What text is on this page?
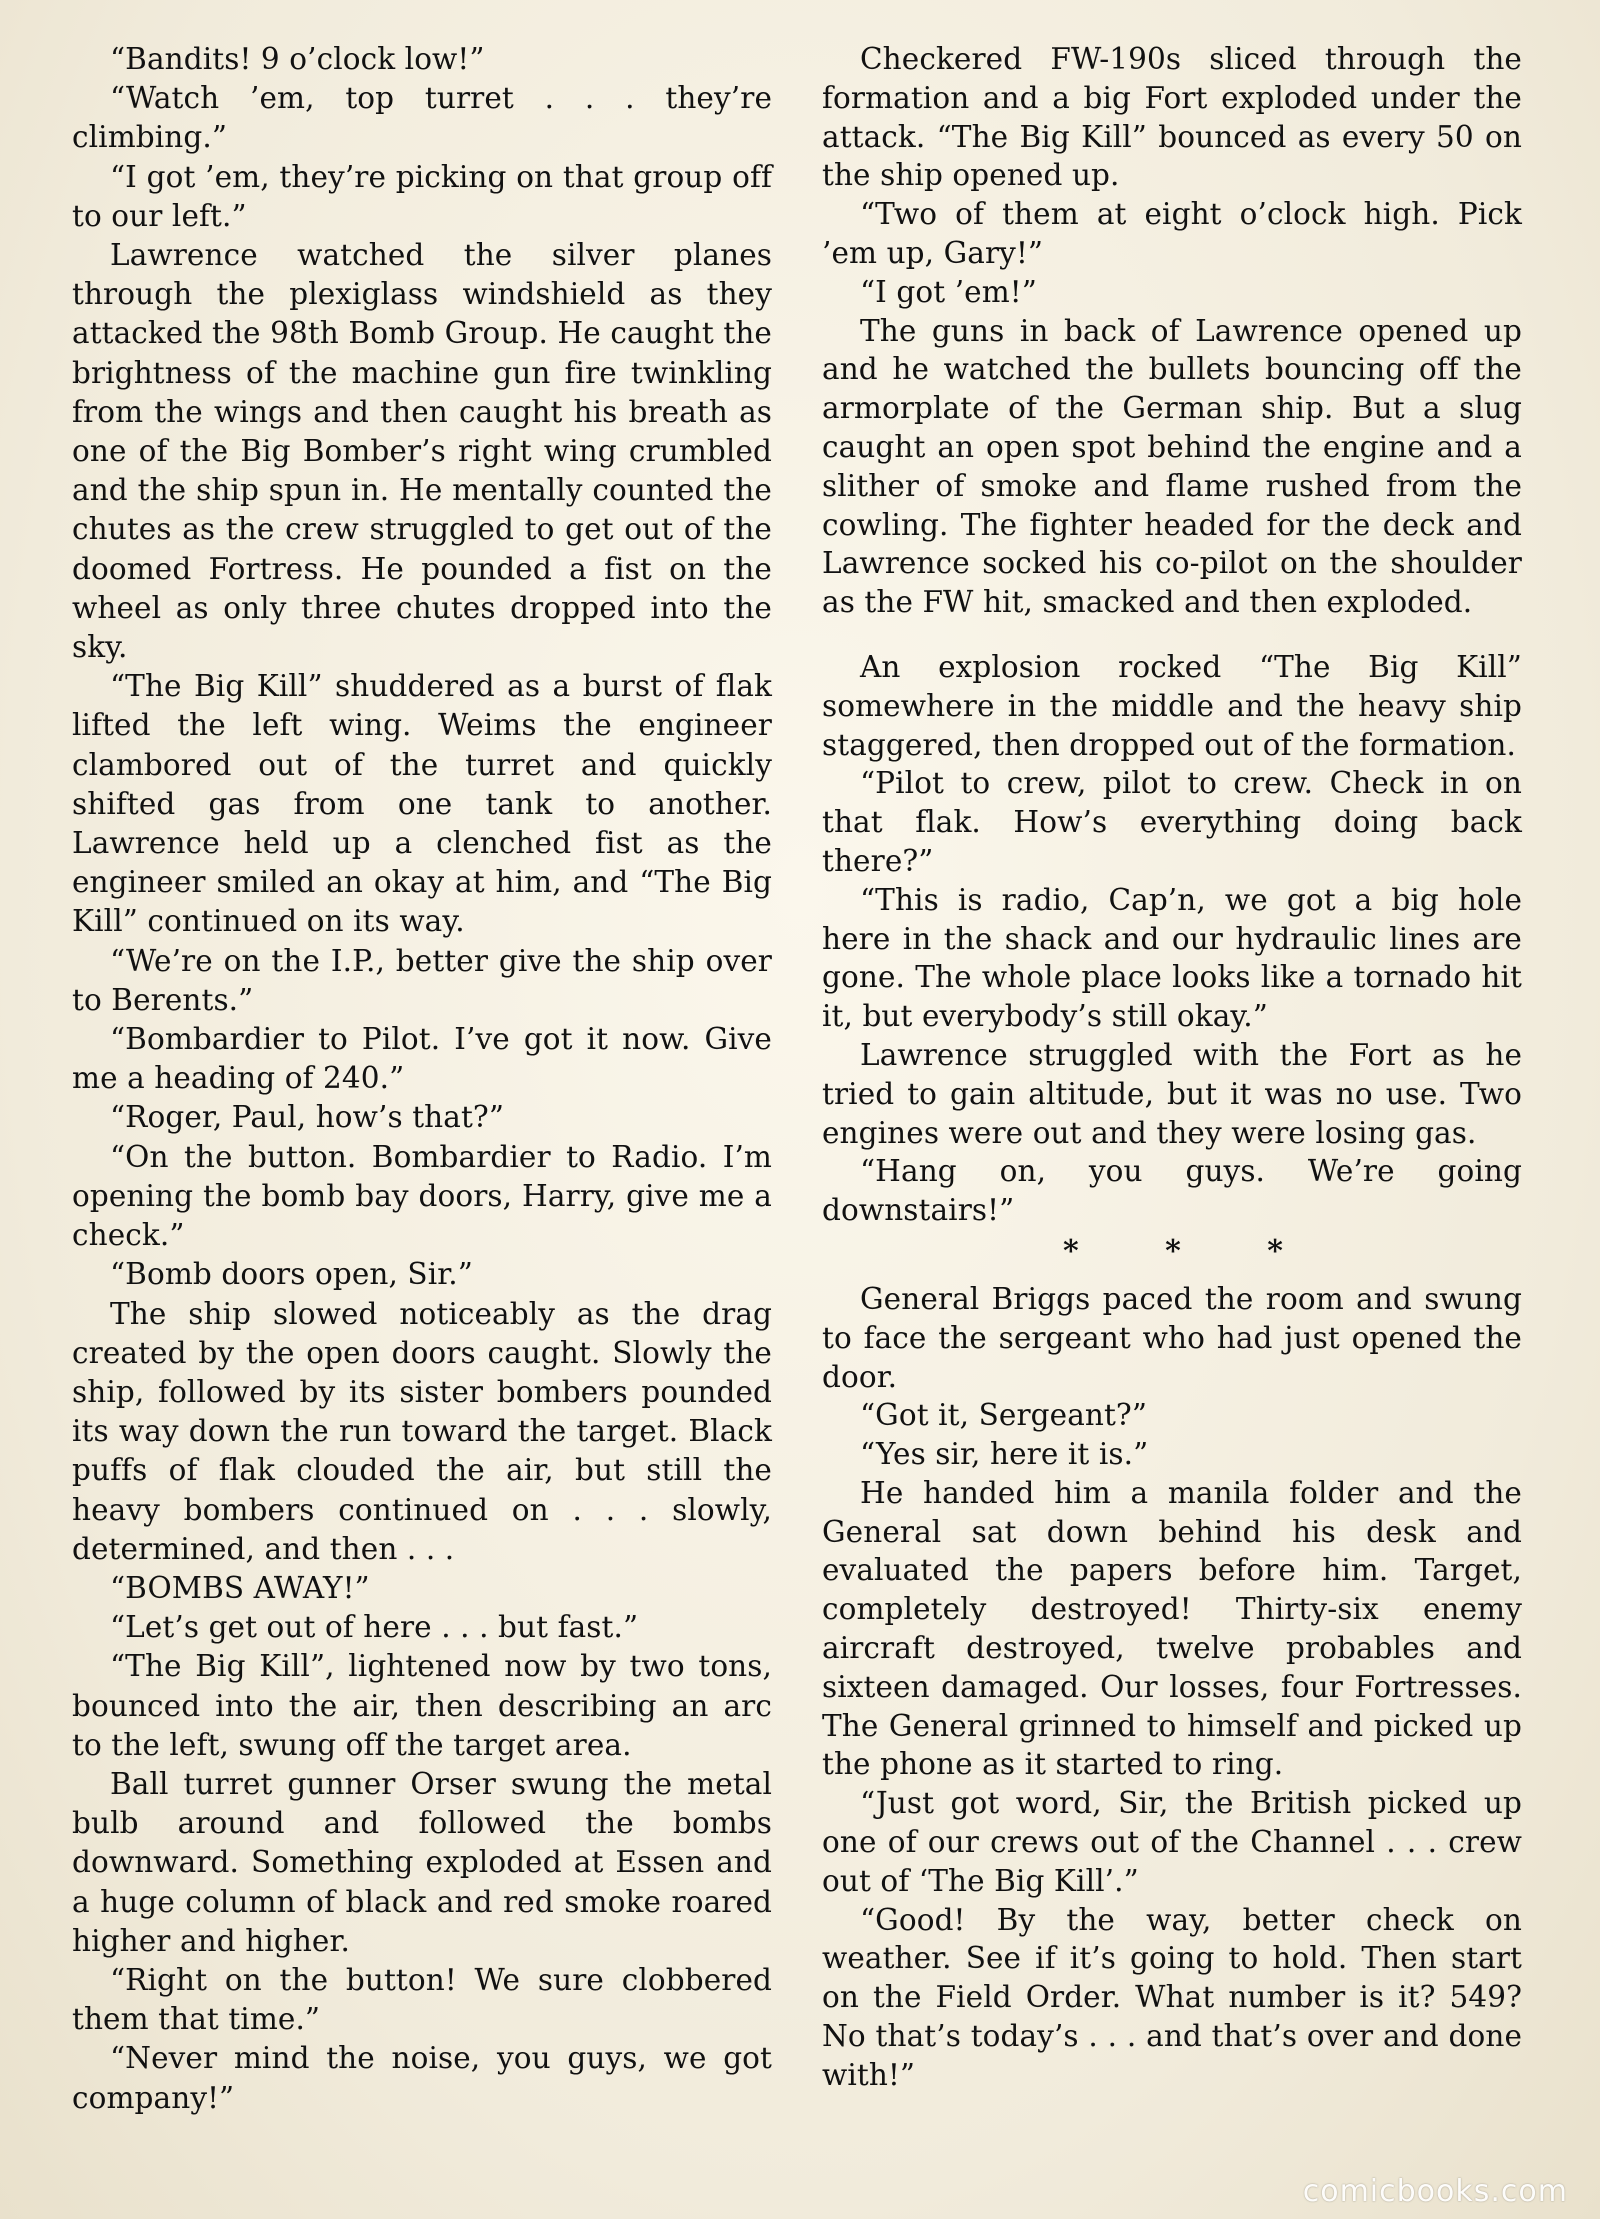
“Bandits! 9 o’clock low!”

“Watch ’em, top turret . . . they’re climbing.”

“I got ’em, they’re picking on that group off to our left.”

Lawrence watched the silver planes through the plexiglass windshield as they attacked the 98th Bomb Group. He caught the brightness of the machine gun fire twinkling from the wings and then caught his breath as one of the Big Bomber’s right wing crumbled and the ship spun in. He mentally counted the chutes as the crew struggled to get out of the doomed Fortress. He pounded a fist on the wheel as only three chutes dropped into the sky.

“The Big Kill” shuddered as a burst of flak lifted the left wing. Weims the engineer clambored out of the turret and quickly shifted gas from one tank to another. Lawrence held up a clenched fist as the engineer smiled an okay at him, and “The Big Kill” continued on its way.

“We’re on the I.P., better give the ship over to Berents.”

“Bombardier to Pilot. I’ve got it now. Give me a heading of 240.”

“Roger, Paul, how’s that?”

“On the button. Bombardier to Radio. I’m opening the bomb bay doors, Harry, give me a check.”

“Bomb doors open, Sir.”

The ship slowed noticeably as the drag created by the open doors caught. Slowly the ship, followed by its sister bombers pounded its way down the run toward the target. Black puffs of flak clouded the air, but still the heavy bombers continued on . . . slowly, determined, and then . . .

“BOMBS AWAY!”

“Let’s get out of here . . . but fast.”

“The Big Kill”, lightened now by two tons, bounced into the air, then describing an arc to the left, swung off the target area.

Ball turret gunner Orser swung the metal bulb around and followed the bombs downward. Something exploded at Essen and a huge column of black and red smoke roared higher and higher.

“Right on the button! We sure clobbered them that time.”

“Never mind the noise, you guys, we got company!”

Checkered FW-190s sliced through the formation and a big Fort exploded under the attack. “The Big Kill” bounced as every 50 on the ship opened up.

“Two of them at eight o’clock high. Pick ’em up, Gary!”

“I got ’em!”

The guns in back of Lawrence opened up and he watched the bullets bouncing off the armorplate of the German ship. But a slug caught an open spot behind the engine and a slither of smoke and flame rushed from the cowling. The fighter headed for the deck and Lawrence socked his co-pilot on the shoulder as the FW hit, smacked and then exploded.

An explosion rocked “The Big Kill” somewhere in the middle and the heavy ship staggered, then dropped out of the formation.

“Pilot to crew, pilot to crew. Check in on that flak. How’s everything doing back there?”

“This is radio, Cap’n, we got a big hole here in the shack and our hydraulic lines are gone. The whole place looks like a tornado hit it, but everybody’s still okay.”

Lawrence struggled with the Fort as he tried to gain altitude, but it was no use. Two engines were out and they were losing gas.

“Hang on, you guys. We’re going downstairs!”

* * *

General Briggs paced the room and swung to face the sergeant who had just opened the door.

“Got it, Sergeant?”

“Yes sir, here it is.”

He handed him a manila folder and the General sat down behind his desk and evaluated the papers before him. Target, completely destroyed! Thirty-six enemy aircraft destroyed, twelve probables and sixteen damaged. Our losses, four Fortresses. The General grinned to himself and picked up the phone as it started to ring.

“Just got word, Sir, the British picked up one of our crews out of the Channel . . . crew out of ‘The Big Kill’.”

“Good! By the way, better check on weather. See if it’s going to hold. Then start on the Field Order. What number is it? 549? No that’s today’s . . . and that’s over and done with!”

comicbooks.com
